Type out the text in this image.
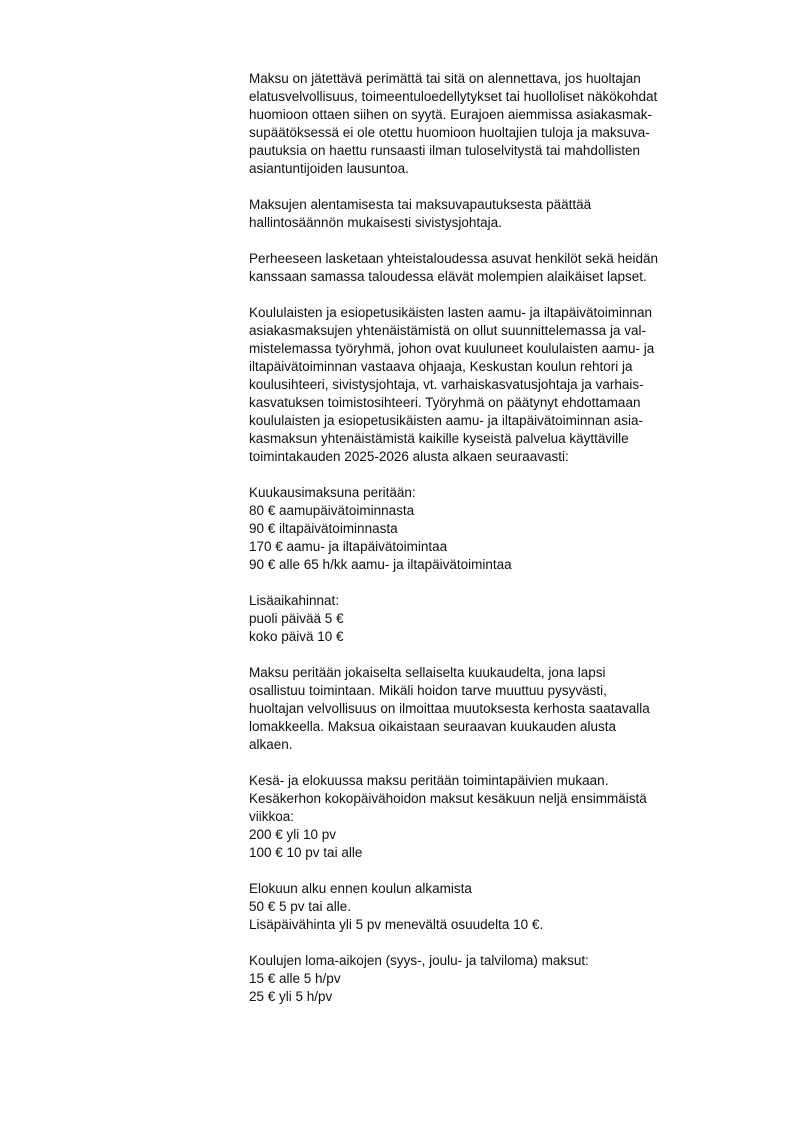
Maksu on jätettävä perimättä tai sitä on alennettava, jos huoltajan
elatusvelvollisuus, toimeentuloedellytykset tai huolloliset näkökohdat
huomioon ottaen siihen on syytä. Eurajoen aiemmissa asiakasmak-
supäätöksessä ei ole otettu huomioon huoltajien tuloja ja maksuva-
pautuksia on haettu runsaasti ilman tuloselvitystä tai mahdollisten
asiantuntijoiden lausuntoa.

Maksujen alentamisesta tai maksuvapautuksesta päättää
hallintosäännön mukaisesti sivistysjohtaja.

Perheeseen lasketaan yhteistaloudessa asuvat henkilöt sekä heidän
kanssaan samassa taloudessa elävät molempien alaikäiset lapset.

Koululaisten ja esiopetusikäisten lasten aamu- ja iltapäivätoiminnan
asiakasmaksujen yhtenäistämistä on ollut suunnittelemassa ja val-
mistelemassa työryhmä, johon ovat kuuluneet koululaisten aamu- ja
iltapäivätoiminnan vastaava ohjaaja, Keskustan koulun rehtori ja
koulusihteeri, sivistysjohtaja, vt. varhaiskasvatusjohtaja ja varhais-
kasvatuksen toimistosihteeri. Työryhmä on päätynyt ehdottamaan
koululaisten ja esiopetusikäisten aamu- ja iltapäivätoiminnan asia-
kasmaksun yhtenäistämistä kaikille kyseistä palvelua käyttäville
toimintakauden 2025-2026 alusta alkaen seuraavasti:

Kuukausimaksuna peritään:
80 € aamupäivätoiminnasta
90 € iltapäivätoiminnasta
170 € aamu- ja iltapäivätoimintaa
90 € alle 65 h/kk aamu- ja iltapäivätoimintaa

Lisäaikahinnat:
puoli päivää 5 €
koko päivä 10 €

Maksu peritään jokaiselta sellaiselta kuukaudelta, jona lapsi
osallistuu toimintaan. Mikäli hoidon tarve muuttuu pysyvästi,
huoltajan velvollisuus on ilmoittaa muutoksesta kerhosta saatavalla
lomakkeella. Maksua oikaistaan seuraavan kuukauden alusta
alkaen.

Kesä- ja elokuussa maksu peritään toimintapäivien mukaan.
Kesäkerhon kokopäivähoidon maksut kesäkuun neljä ensimmäistä
viikkoa:
200 € yli 10 pv
100 € 10 pv tai alle

Elokuun alku ennen koulun alkamista
50 € 5 pv tai alle.
Lisäpäivähinta yli 5 pv menevältä osuudelta 10 €.

Koulujen loma-aikojen (syys-, joulu- ja talviloma) maksut:
15 € alle 5 h/pv
25 € yli 5 h/pv
